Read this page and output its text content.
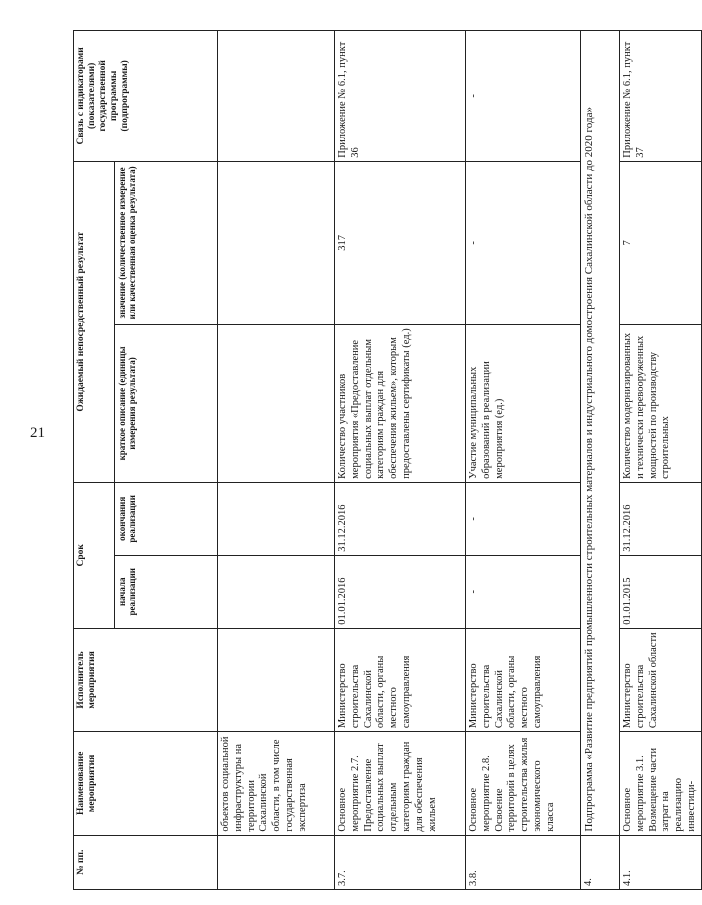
21
№ пп.	Наименование мероприятия	Исполнитель мероприятия	Срок		Ожидаемый непосредственный результат		Связь с индикаторами (показателями) государственной программы (подпрограммы)
			начала реализации	окончания реализации	краткое описание (единицы измерения результата)	значение (количественное измерение или качественная оценка результата)	
	объектов социальной инфраструктуры на территории Сахалинской области, в том числе государственная экспертиза						
3.7.	Основное мероприятие 2.7. Предоставление социальных выплат отдельным категориям граждан для обеспечения жильем	Министерство строительства Сахалинской области, органы местного самоуправления	01.01.2016	31.12.2016	Количество участников мероприятия «Предоставление социальных выплат отдельным категориям граждан для обеспечения жильем», которым предоставлены сертификаты (ед.)	317	Приложение № 6.1, пункт 36
3.8.	Основное мероприятие 2.8. Освоение территорий в целях строительства жилья экономического класса	Министерство строительства Сахалинской области, органы местного самоуправления	-	-	Участие муниципальных образований в реализации мероприятия (ед.)	-	-
4.	Подпрограмма «Развитие предприятий промышленности строительных материалов и индустриального домостроения Сахалинской области до 2020 года»						
4.1.	Основное мероприятие 3.1. Возмещение части затрат на реализацию инвестици-	Министерство строительства Сахалинской области	01.01.2015	31.12.2016	Количество модернизированных и технически перевооруженных мощностей по производству строительных	7	Приложение № 6.1, пункт 37
